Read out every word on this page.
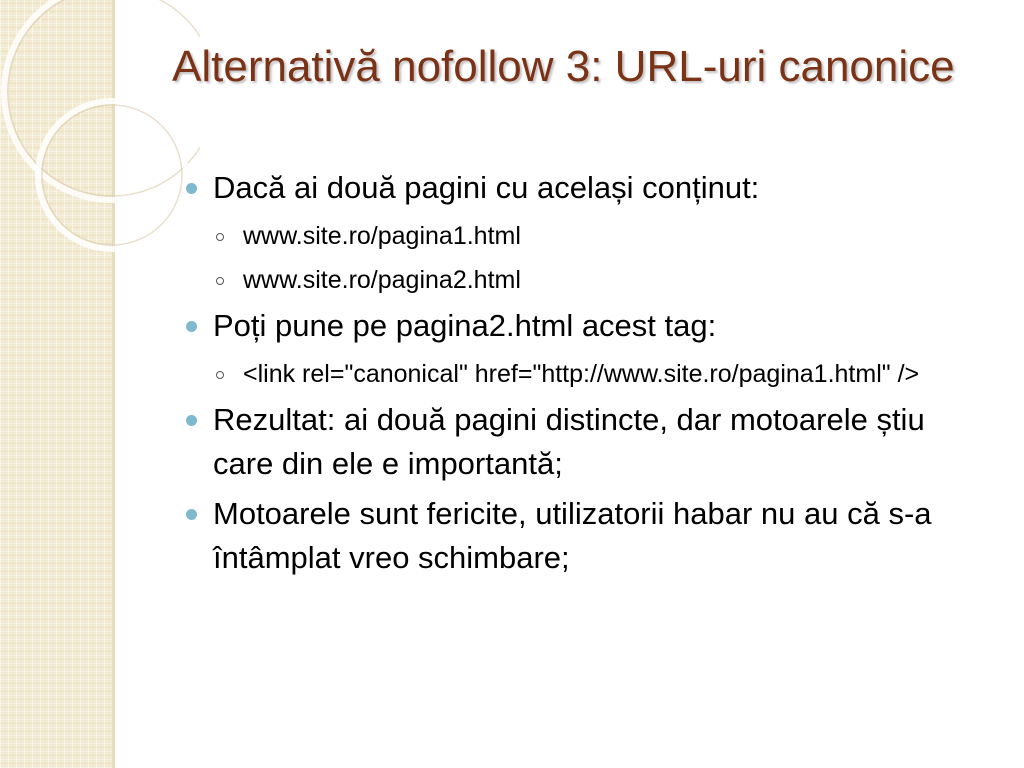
Alternativă nofollow 3: URL-uri canonice

Dacă ai două pagini cu același conținut:

www.site.ro/pagina1.html

www.site.ro/pagina2.html

Poți pune pe pagina2.html acest tag:

<link rel="canonical" href="http://www.site.ro/pagina1.html" />

Rezultat: ai două pagini distincte, dar motoarele știu care din ele e importantă;

Motoarele sunt fericite, utilizatorii habar nu au că s-a întâmplat vreo schimbare;
